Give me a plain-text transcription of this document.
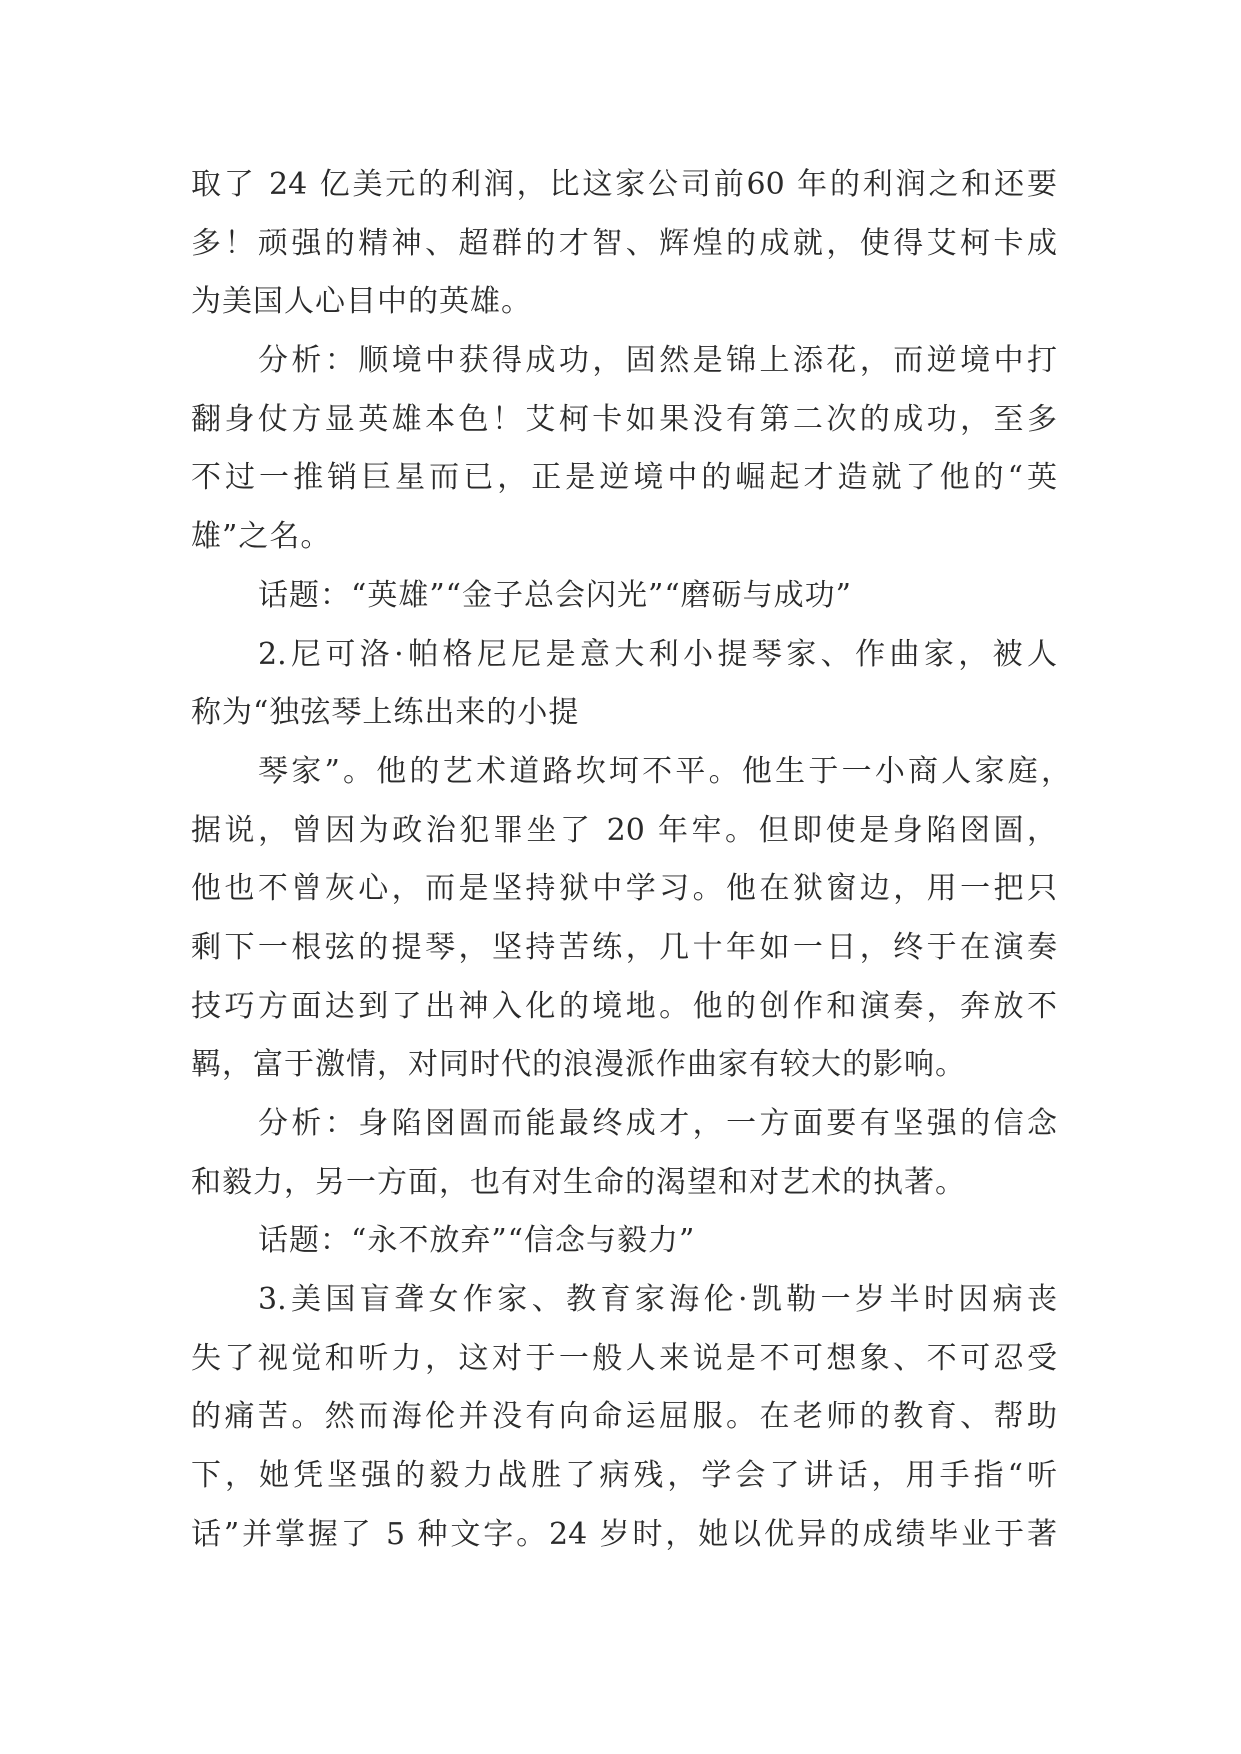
取了 24 亿美元的利润，比这家公司前60 年的利润之和还要
多！顽强的精神、超群的才智、辉煌的成就，使得艾柯卡成
为美国人心目中的英雄。
分析：顺境中获得成功，固然是锦上添花，而逆境中打
翻身仗方显英雄本色！艾柯卡如果没有第二次的成功，至多
不过一推销巨星而已，正是逆境中的崛起才造就了他的“英
雄”之名。
话题：“英雄”“金子总会闪光”“磨砺与成功”
2.尼可洛·帕格尼尼是意大利小提琴家、作曲家，被人
称为“独弦琴上练出来的小提
琴家”。他的艺术道路坎坷不平。他生于一小商人家庭，
据说，曾因为政治犯罪坐了 20 年牢。但即使是身陷囹圄，
他也不曾灰心，而是坚持狱中学习。他在狱窗边，用一把只
剩下一根弦的提琴，坚持苦练，几十年如一日，终于在演奏
技巧方面达到了出神入化的境地。他的创作和演奏，奔放不
羁，富于激情，对同时代的浪漫派作曲家有较大的影响。
分析：身陷囹圄而能最终成才，一方面要有坚强的信念
和毅力，另一方面，也有对生命的渴望和对艺术的执著。
话题：“永不放弃”“信念与毅力”
3.美国盲聋女作家、教育家海伦·凯勒一岁半时因病丧
失了视觉和听力，这对于一般人来说是不可想象、不可忍受
的痛苦。然而海伦并没有向命运屈服。在老师的教育、帮助
下，她凭坚强的毅力战胜了病残，学会了讲话，用手指“听
话”并掌握了 5 种文字。24 岁时，她以优异的成绩毕业于著
